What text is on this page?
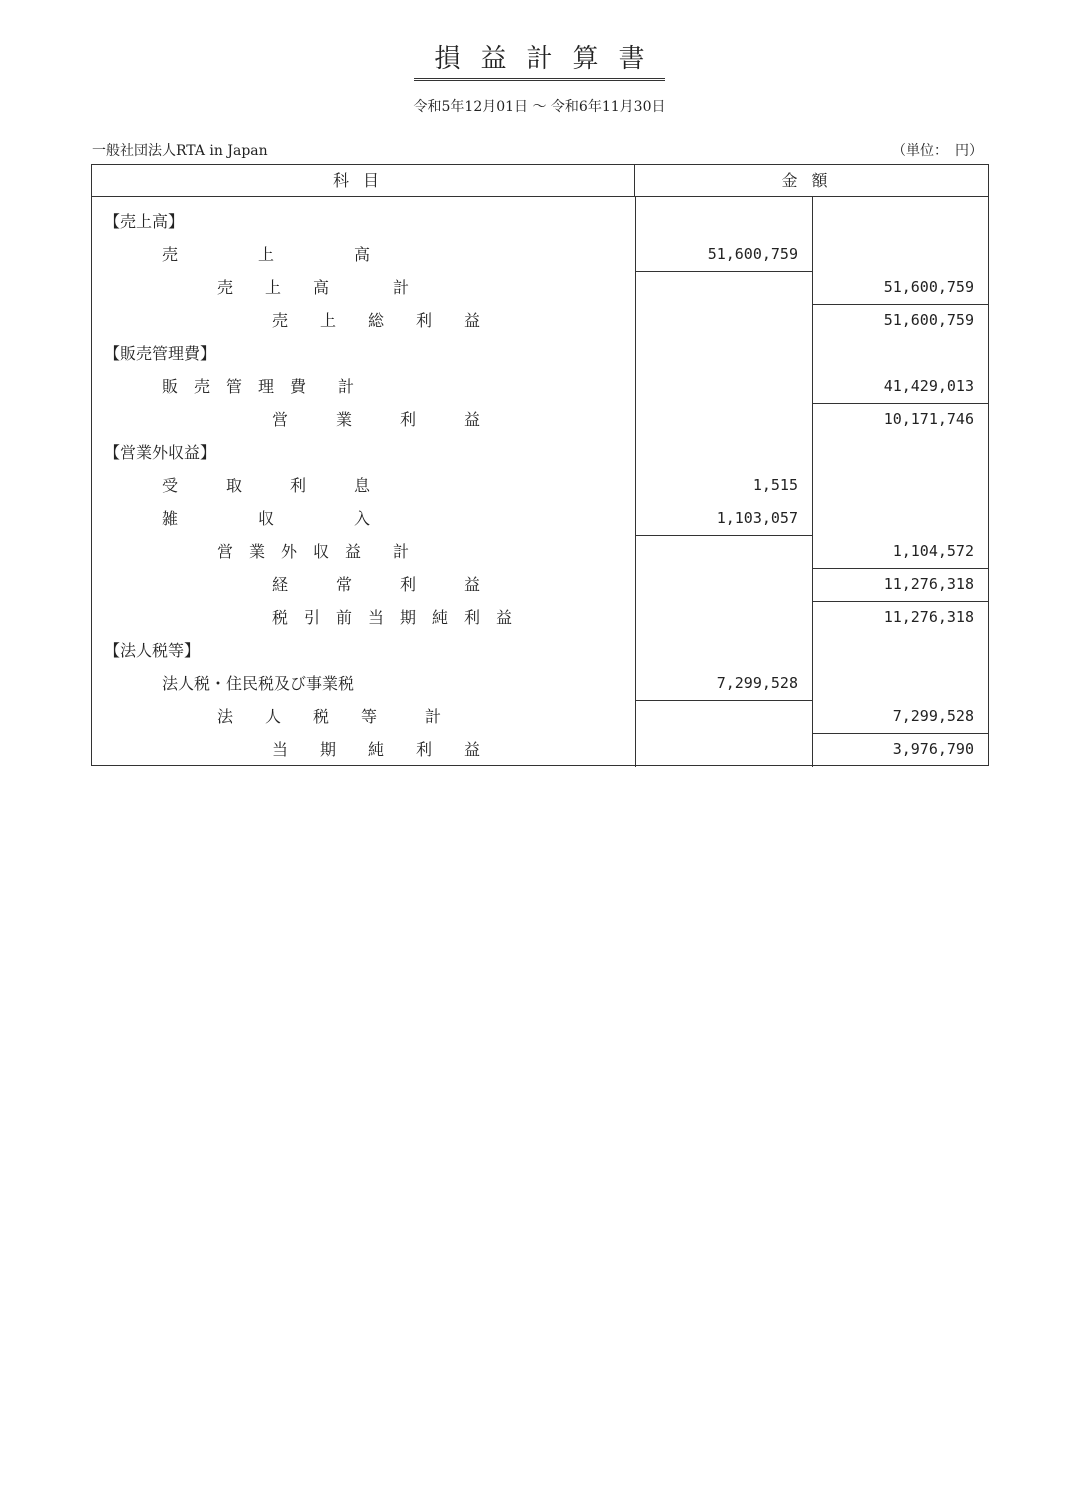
損益計算書
令和5年12月01日 ～ 令和6年11月30日
一般社団法人RTA in Japan	（単位：　円）
科目	金額
【売上高】
売　　　　　上　　　　　高	51,600,759
売　　上　　高　　　　計	51,600,759
売　　上　　総　　利　　益	51,600,759
【販売管理費】
販　売　管　理　費　　計	41,429,013
営　　　業　　　利　　　益	10,171,746
【営業外収益】
受　　　取　　　利　　　息	1,515
雑　　　　　収　　　　　入	1,103,057
営　業　外　収　益　　計	1,104,572
経　　　常　　　利　　　益	11,276,318
税　引　前　当　期　純　利　益	11,276,318
【法人税等】
法人税・住民税及び事業税	7,299,528
法　　人　　税　　等　　　計	7,299,528
当　　期　　純　　利　　益	3,976,790
